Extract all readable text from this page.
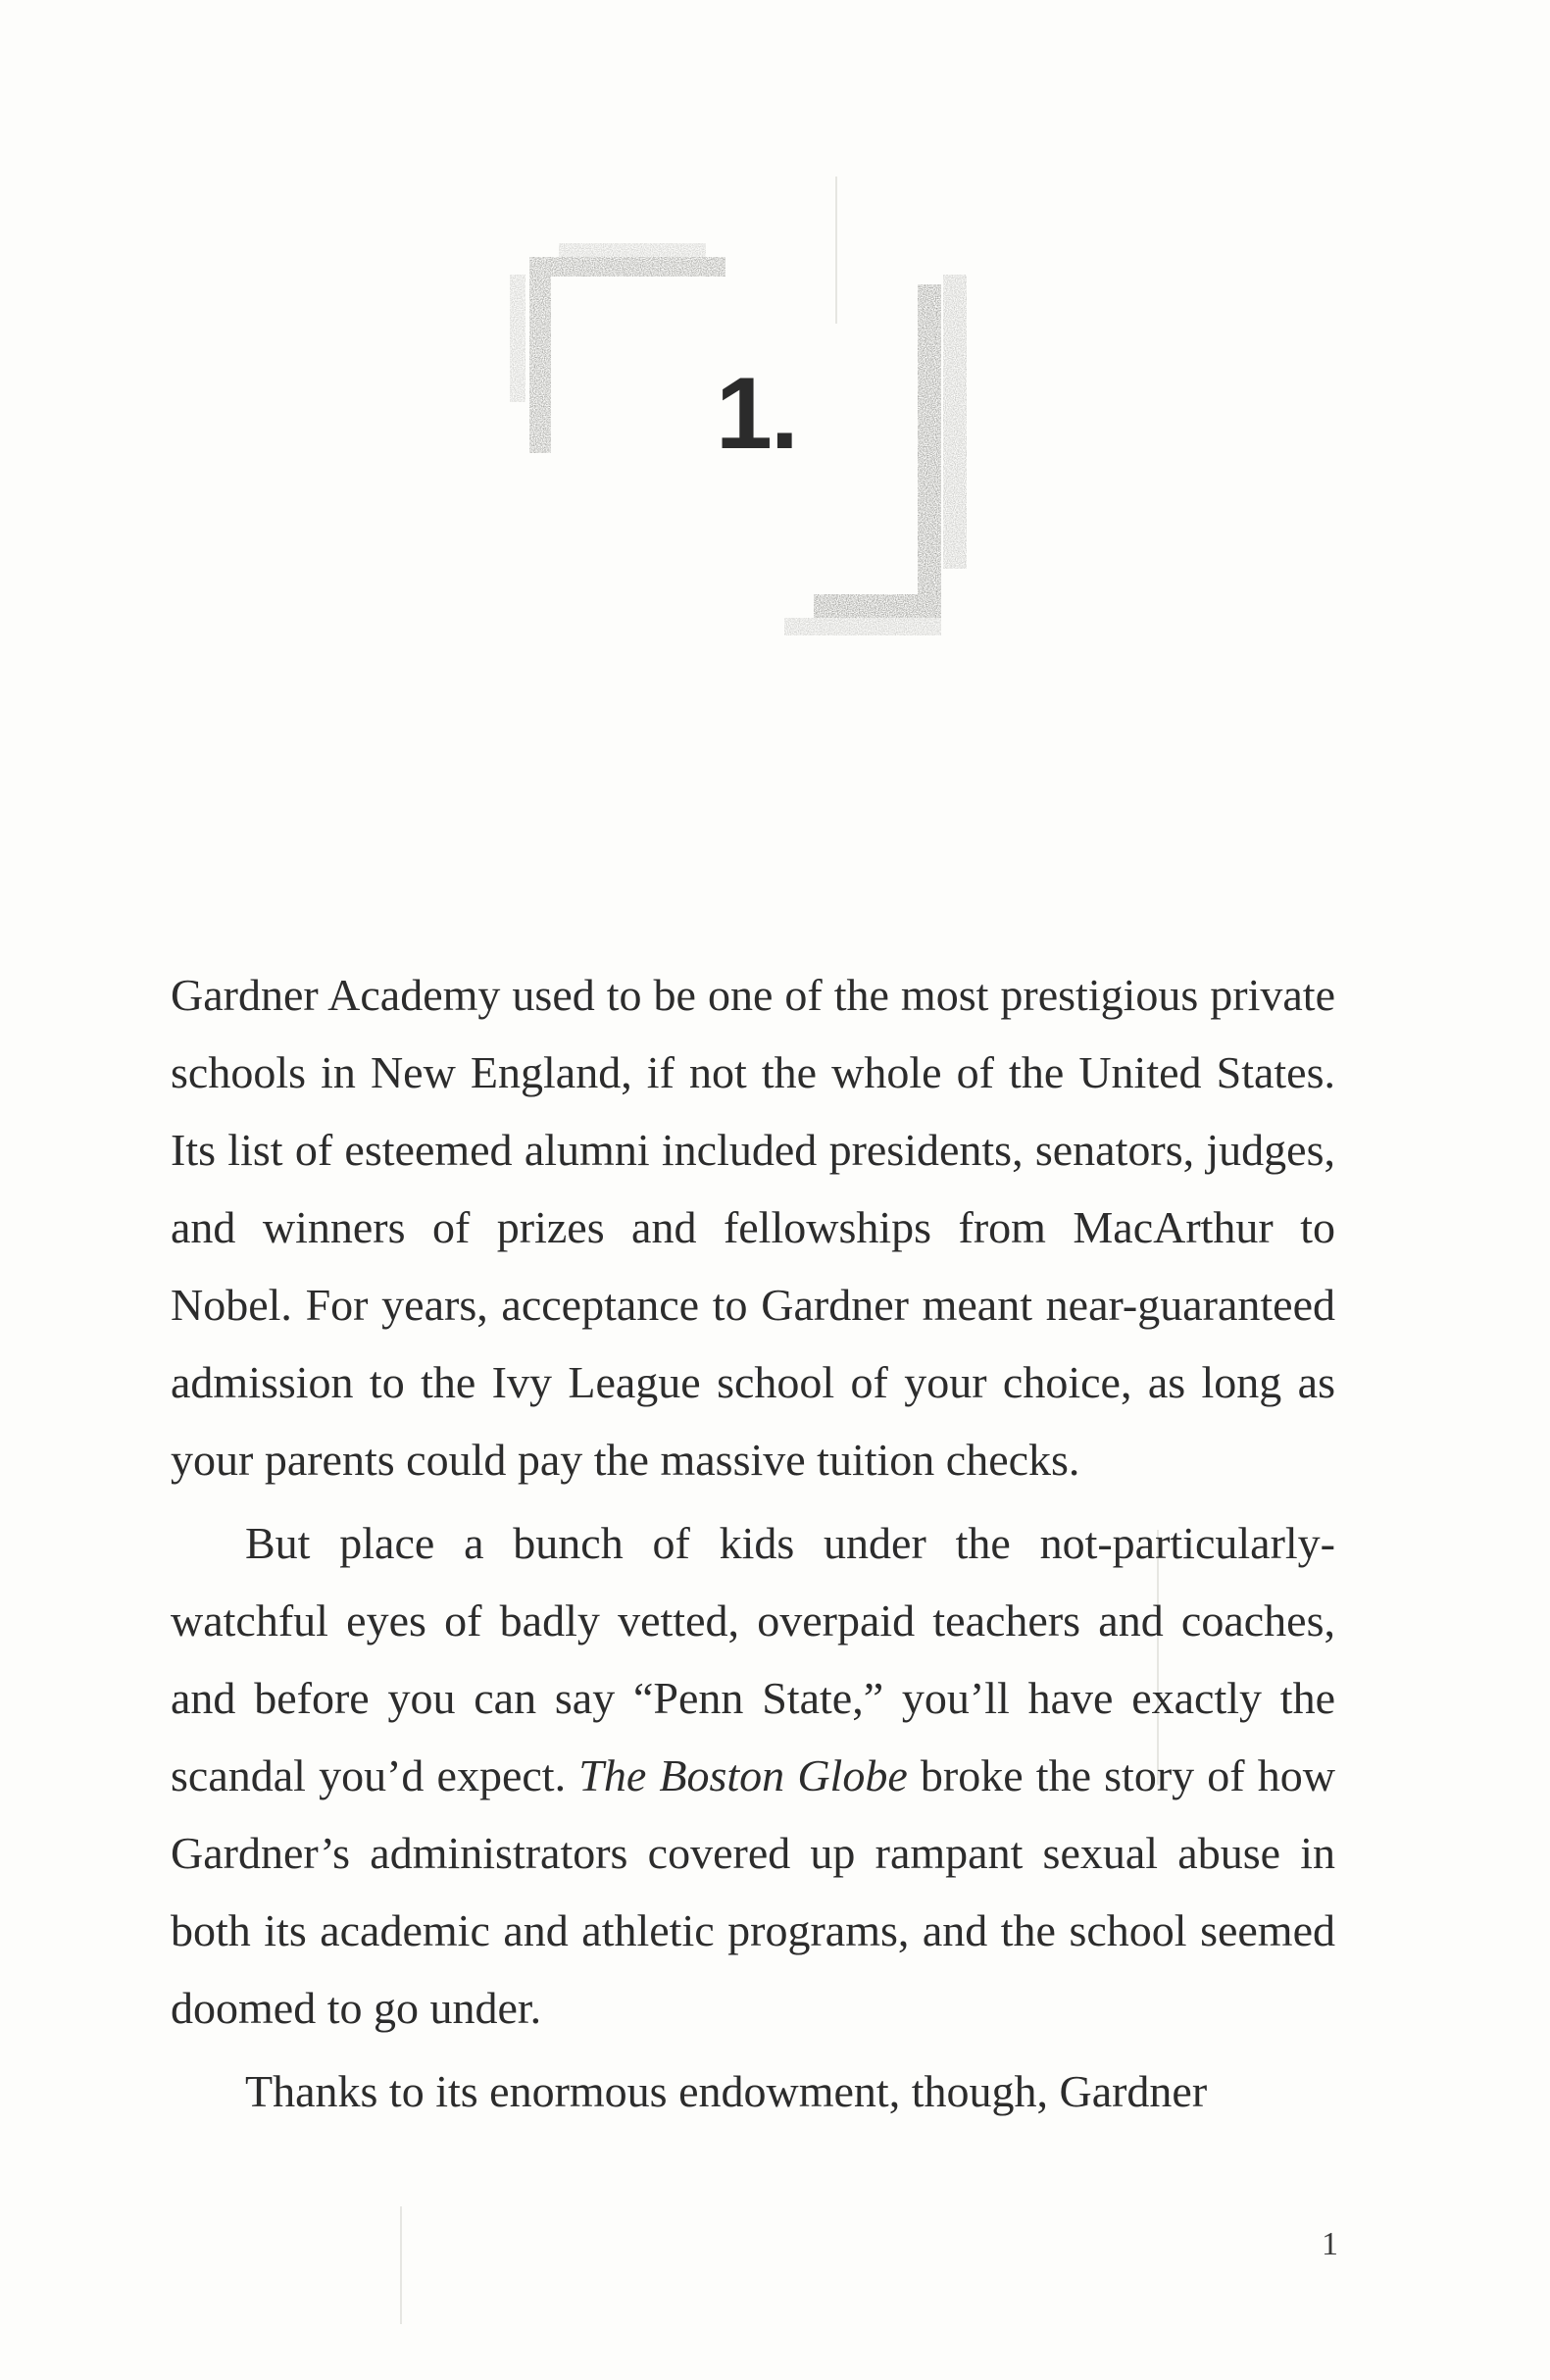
1.

Gardner Academy used to be one of the most prestigious private schools in New England, if not the whole of the United States. Its list of esteemed alumni included presidents, senators, judges, and winners of prizes and fellowships from MacArthur to Nobel. For years, acceptance to Gardner meant near-guaranteed admission to the Ivy League school of your choice, as long as your parents could pay the massive tuition checks.

But place a bunch of kids under the not-particularly-watchful eyes of badly vetted, overpaid teachers and coaches, and before you can say “Penn State,” you’ll have exactly the scandal you’d expect. The Boston Globe broke the story of how Gardner’s administrators covered up rampant sexual abuse in both its academic and athletic programs, and the school seemed doomed to go under.

Thanks to its enormous endowment, though, Gardner

1
